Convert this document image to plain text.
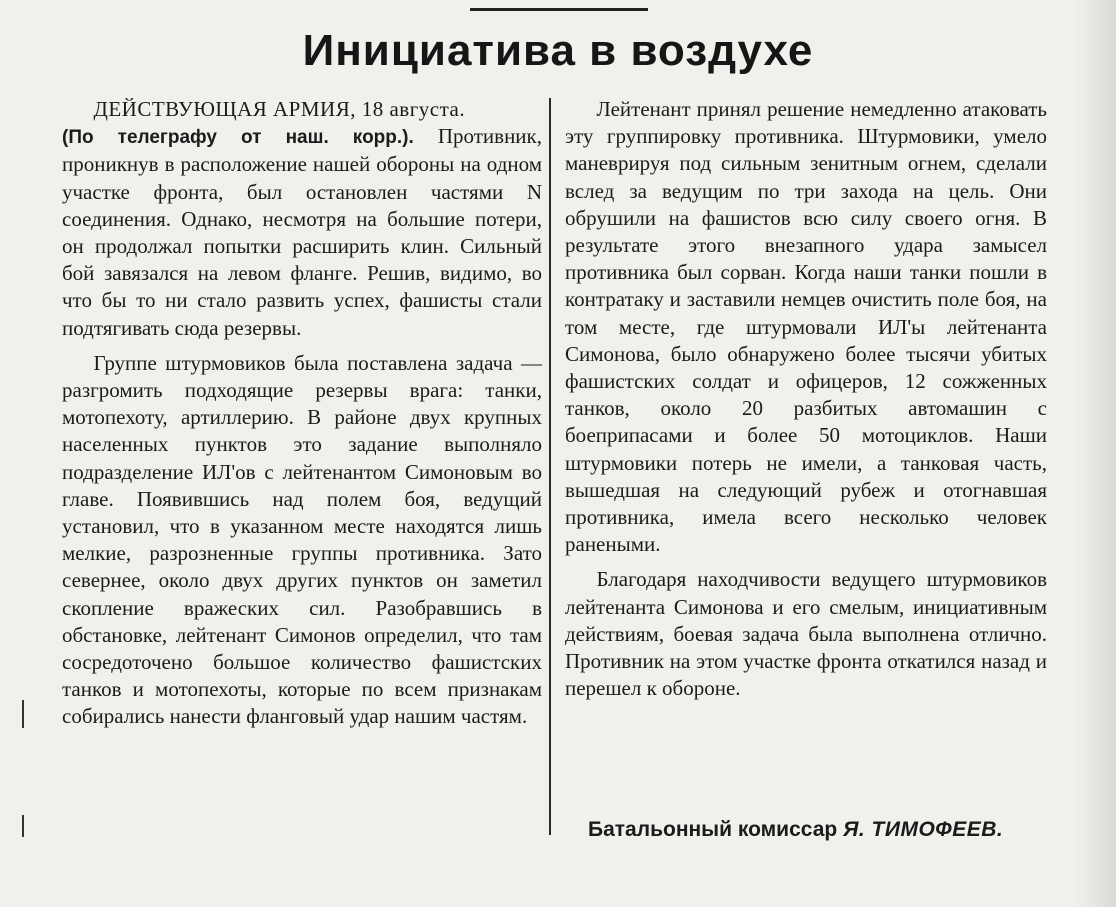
Инициатива в воздухе

ДЕЙСТВУЮЩАЯ АРМИЯ, 18 августа.
(По телеграфу от наш. корр.). Противник, проникнув в расположение нашей обороны на одном участке фронта, был остановлен частями N соединения. Однако, несмотря на большие потери, он продолжал попытки расширить клин. Сильный бой завязался на левом фланге. Решив, видимо, во что бы то ни стало развить успех, фашисты стали подтягивать сюда резервы.

Группе штурмовиков была поставлена задача — разгромить подходящие резервы врага: танки, мотопехоту, артиллерию. В районе двух крупных населенных пунктов это задание выполняло подразделение ИЛ'ов с лейтенантом Симоновым во главе. Появившись над полем боя, ведущий установил, что в указанном месте находятся лишь мелкие, разрозненные группы противника. Зато севернее, около двух других пунктов он заметил скопление вражеских сил. Разобравшись в обстановке, лейтенант Симонов определил, что там сосредоточено большое количество фашистских танков и мотопехоты, которые по всем признакам собирались нанести фланговый удар нашим частям.

Лейтенант принял решение немедленно атаковать эту группировку противника. Штурмовики, умело маневрируя под сильным зенитным огнем, сделали вслед за ведущим по три захода на цель. Они обрушили на фашистов всю силу своего огня. В результате этого внезапного удара замысел противника был сорван. Когда наши танки пошли в контратаку и заставили немцев очистить поле боя, на том месте, где штурмовали ИЛ'ы лейтенанта Симонова, было обнаружено более тысячи убитых фашистских солдат и офицеров, 12 сожженных танков, около 20 разбитых автомашин с боеприпасами и более 50 мотоциклов. Наши штурмовики потерь не имели, а танковая часть, вышедшая на следующий рубеж и отогнавшая противника, имела всего несколько человек ранеными.

Благодаря находчивости ведущего штурмовиков лейтенанта Симонова и его смелым, инициативным действиям, боевая задача была выполнена отлично. Противник на этом участке фронта откатился назад и перешел к обороне.

Батальонный комиссар Я. ТИМОФЕЕВ.
